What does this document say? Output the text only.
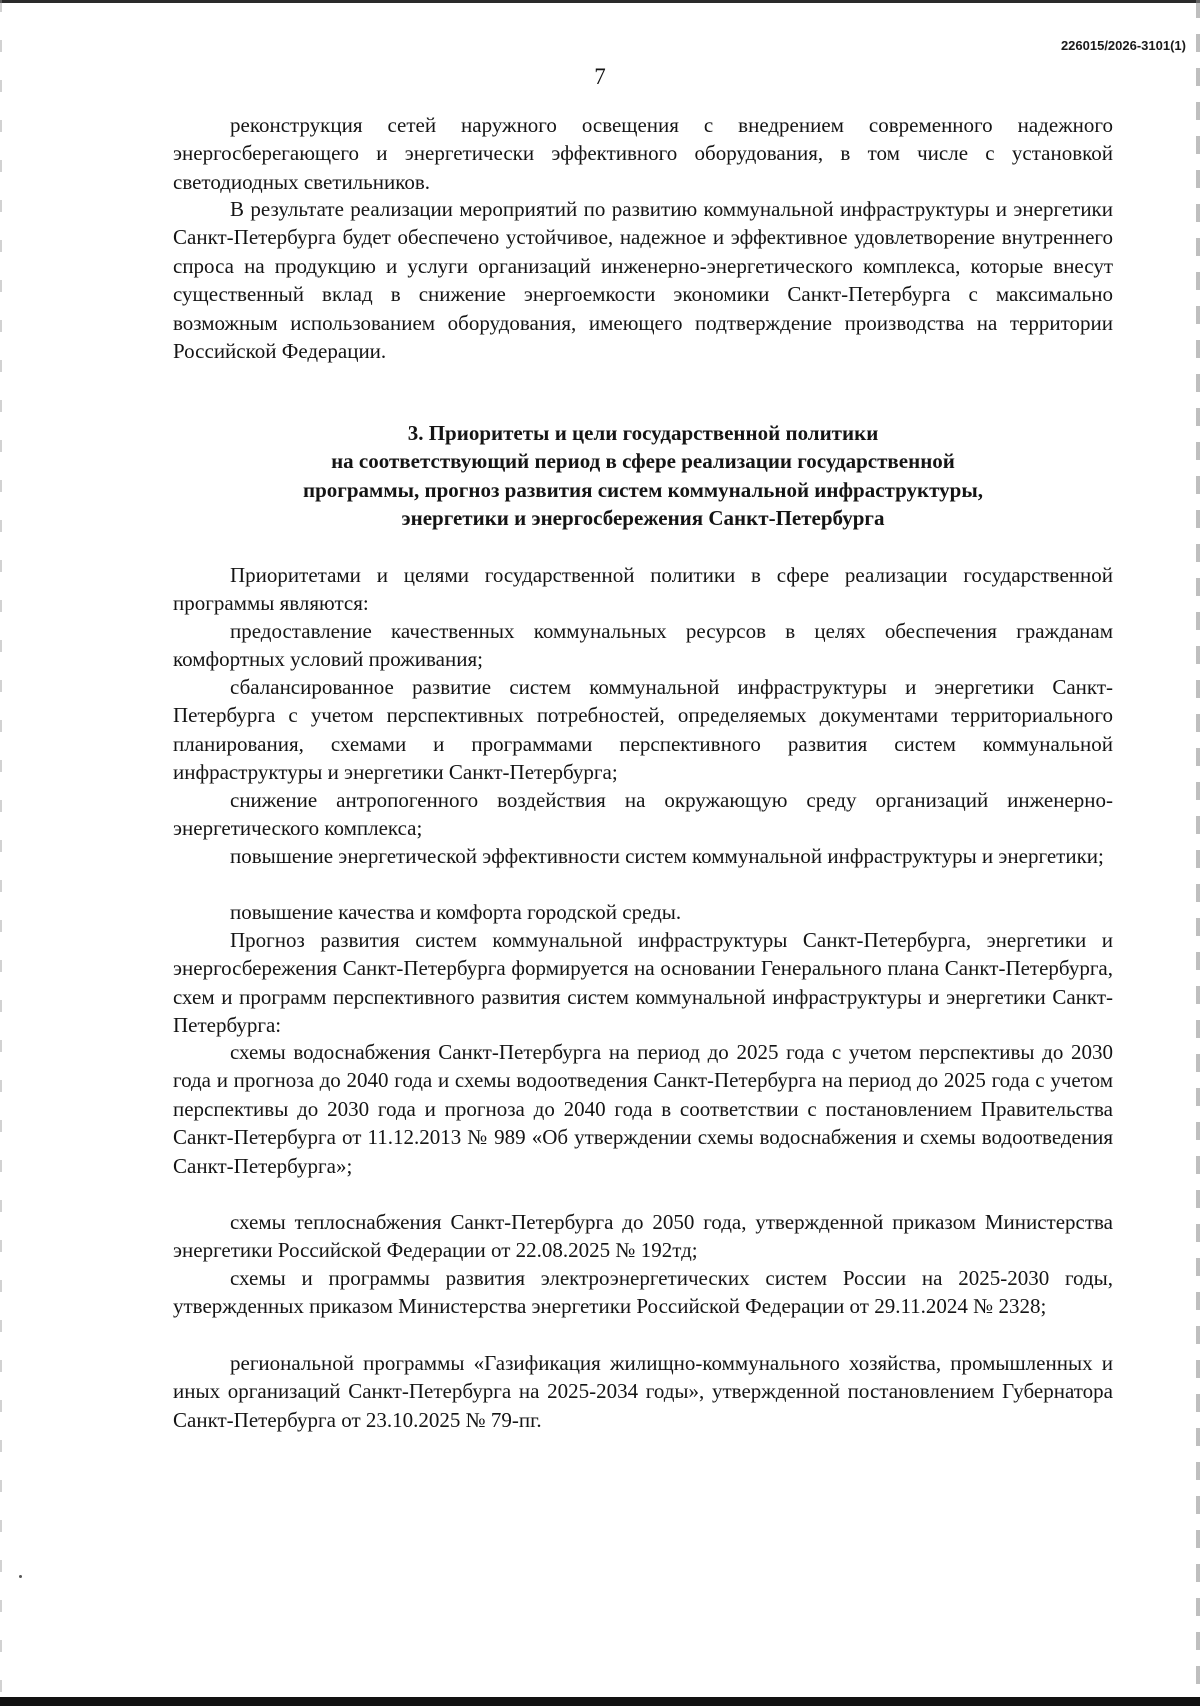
226015/2026-3101(1)
7

реконструкция сетей наружного освещения с внедрением современного надежного энергосберегающего и энергетически эффективного оборудования, в том числе с установкой светодиодных светильников.

В результате реализации мероприятий по развитию коммунальной инфраструктуры и энергетики Санкт-Петербурга будет обеспечено устойчивое, надежное и эффективное удовлетворение внутреннего спроса на продукцию и услуги организаций инженерно-энергетического комплекса, которые внесут существенный вклад в снижение энергоемкости экономики Санкт-Петербурга с максимально возможным использованием оборудования, имеющего подтверждение производства на территории Российской Федерации.

3. Приоритеты и цели государственной политики
на соответствующий период в сфере реализации государственной
программы, прогноз развития систем коммунальной инфраструктуры,
энергетики и энергосбережения Санкт-Петербурга

Приоритетами и целями государственной политики в сфере реализации государственной программы являются:

предоставление качественных коммунальных ресурсов в целях обеспечения гражданам комфортных условий проживания;

сбалансированное развитие систем коммунальной инфраструктуры и энергетики Санкт-Петербурга с учетом перспективных потребностей, определяемых документами территориального планирования, схемами и программами перспективного развития систем коммунальной инфраструктуры и энергетики Санкт-Петербурга;

снижение антропогенного воздействия на окружающую среду организаций инженерно-энергетического комплекса;

повышение энергетической эффективности систем коммунальной инфраструктуры и энергетики;

повышение качества и комфорта городской среды.

Прогноз развития систем коммунальной инфраструктуры Санкт-Петербурга, энергетики и энергосбережения Санкт-Петербурга формируется на основании Генерального плана Санкт-Петербурга, схем и программ перспективного развития систем коммунальной инфраструктуры и энергетики Санкт-Петербурга:

схемы водоснабжения Санкт-Петербурга на период до 2025 года с учетом перспективы до 2030 года и прогноза до 2040 года и схемы водоотведения Санкт-Петербурга на период до 2025 года с учетом перспективы до 2030 года и прогноза до 2040 года в соответствии с постановлением Правительства Санкт-Петербурга от 11.12.2013 № 989 «Об утверждении схемы водоснабжения и схемы водоотведения Санкт-Петербурга»;

схемы теплоснабжения Санкт-Петербурга до 2050 года, утвержденной приказом Министерства энергетики Российской Федерации от 22.08.2025 № 192тд;

схемы и программы развития электроэнергетических систем России на 2025-2030 годы, утвержденных приказом Министерства энергетики Российской Федерации от 29.11.2024 № 2328;

региональной программы «Газификация жилищно-коммунального хозяйства, промышленных и иных организаций Санкт-Петербурга на 2025-2034 годы», утвержденной постановлением Губернатора Санкт-Петербурга от 23.10.2025 № 79-пг.
